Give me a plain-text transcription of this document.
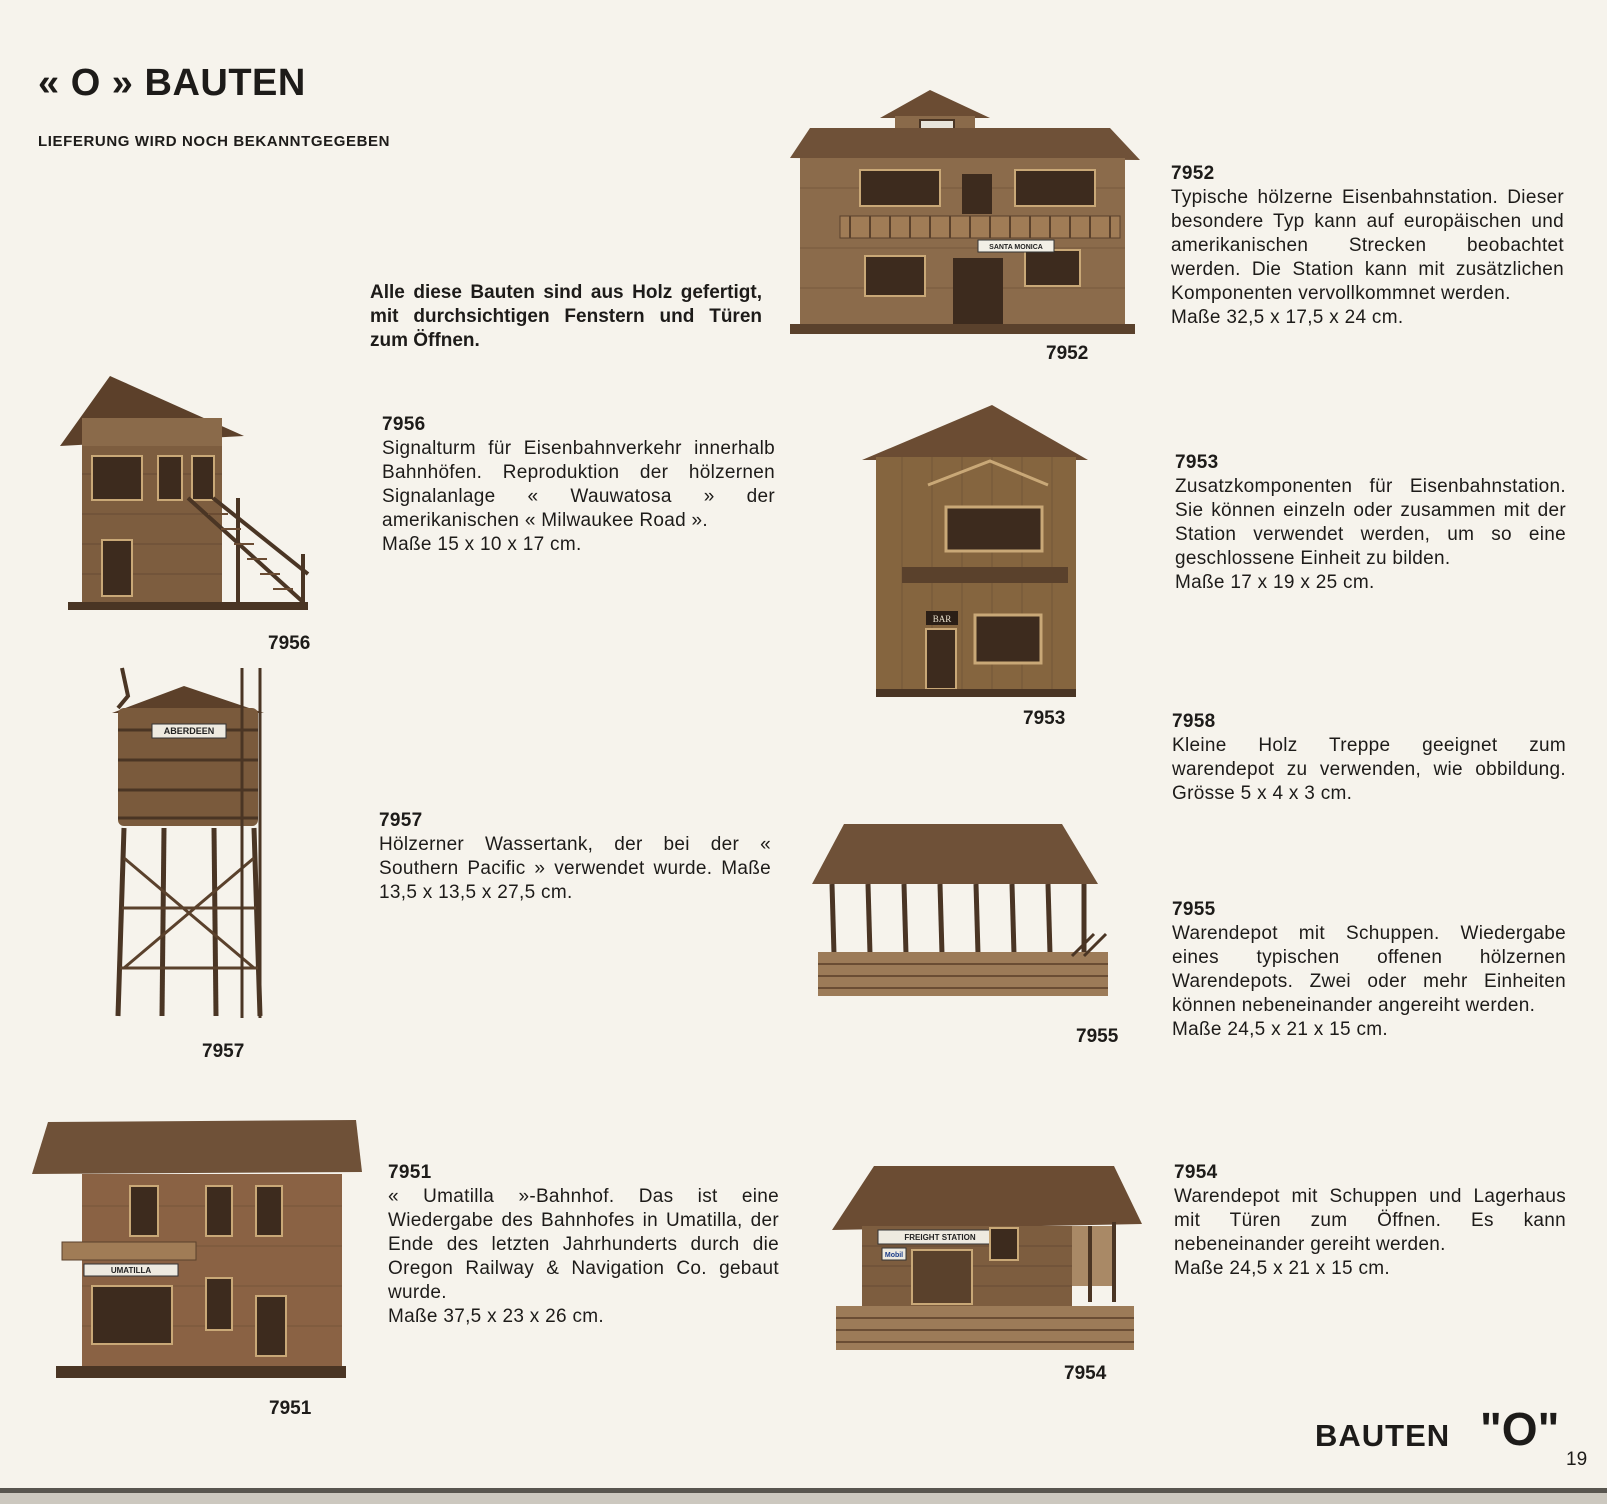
« O » BAUTEN
LIEFERUNG WIRD NOCH BEKANNTGEGEBEN
Alle diese Bauten sind aus Holz gefertigt, mit durchsichtigen Fenstern und Türen zum Öffnen.
SANTA MONICA
7952
7952
Typische hölzerne Eisenbahnstation. Dieser besondere Typ kann auf europäischen und amerikanischen Strecken beobachtet werden. Die Station kann mit zusätzlichen Komponenten vervollkommnet werden.
Maße 32,5 x 17,5 x 24 cm.
7956
7956
Signalturm für Eisenbahnverkehr innerhalb Bahnhöfen. Reproduktion der hölzernen Signalanlage « Wauwatosa » der amerikanischen « Milwaukee Road ».
Maße 15 x 10 x 17 cm.
BAR
7953
7953
Zusatzkomponenten für Eisenbahnstation. Sie können einzeln oder zusammen mit der Station verwendet werden, um so eine geschlossene Einheit zu bilden.
Maße 17 x 19 x 25 cm.
7958
Kleine Holz Treppe geeignet zum warendepot zu verwenden, wie obbildung. Grösse 5 x 4 x 3 cm.
ABERDEEN
7957
7957
Hölzerner Wassertank, der bei der « Southern Pacific » verwendet wurde. Maße 13,5 x 13,5 x 27,5 cm.
7955
7955
Warendepot mit Schuppen. Wiedergabe eines typischen offenen hölzernen Warendepots. Zwei oder mehr Einheiten können nebeneinander angereiht werden.
Maße 24,5 x 21 x 15 cm.
UMATILLA
7951
7951
« Umatilla »-Bahnhof. Das ist eine Wiedergabe des Bahnhofes in Umatilla, der Ende des letzten Jahrhunderts durch die Oregon Railway & Navigation Co. gebaut wurde.
Maße 37,5 x 23 x 26 cm.
FREIGHT STATION
Mobil
7954
7954
Warendepot mit Schuppen und Lagerhaus mit Türen zum Öffnen. Es kann nebeneinander gereiht werden.
Maße 24,5 x 21 x 15 cm.
BAUTEN "O"
19
